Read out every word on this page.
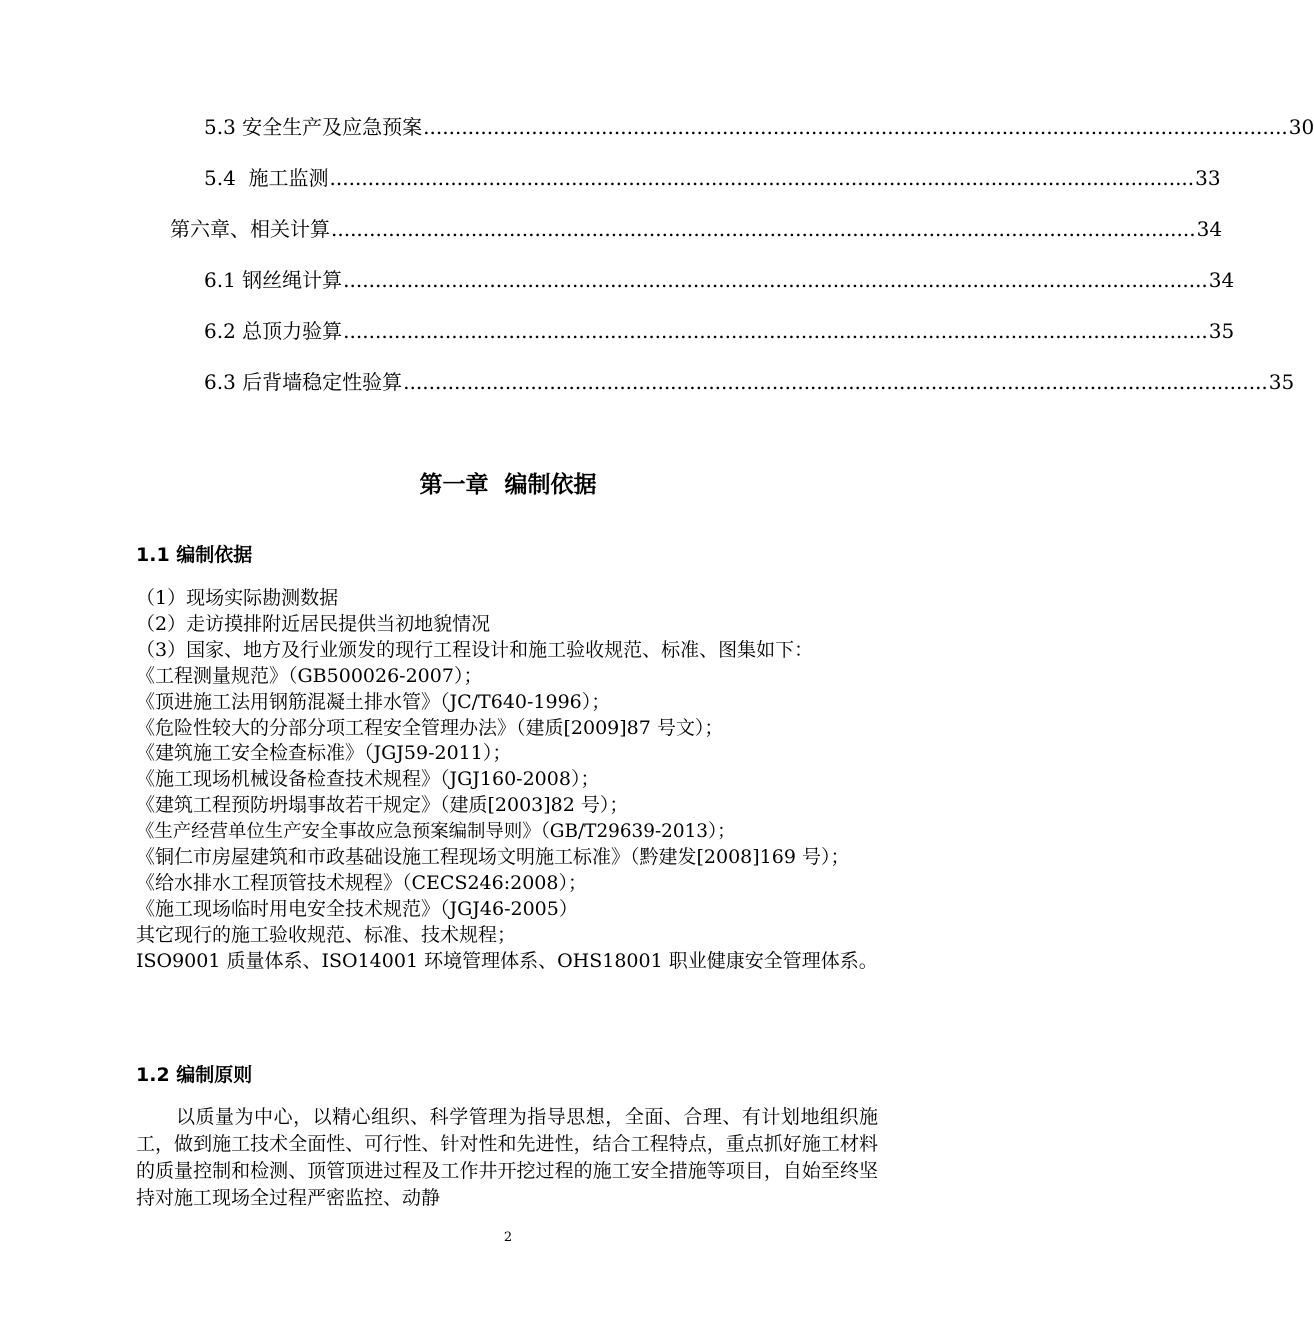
5.3 安全生产及应急预案 ........................................................................................................................................ 30
5.4  施工监测 ........................................................................................................................................ 33
第六章、相关计算 ........................................................................................................................................ 34
6.1 钢丝绳计算 ........................................................................................................................................ 34
6.2 总顶力验算 ........................................................................................................................................ 35
6.3 后背墙稳定性验算 ........................................................................................................................................ 35
第一章  编制依据
1.1 编制依据
（1）现场实际勘测数据
（2）走访摸排附近居民提供当初地貌情况
（3）国家、地方及行业颁发的现行工程设计和施工验收规范、标准、图集如下：
《工程测量规范》（GB500026-2007）；
《顶进施工法用钢筋混凝土排水管》（JC/T640-1996）；
《危险性较大的分部分项工程安全管理办法》（建质[2009]87 号文）；
《建筑施工安全检查标准》（JGJ59-2011）；
《施工现场机械设备检查技术规程》（JGJ160-2008）；
《建筑工程预防坍塌事故若干规定》（建质[2003]82 号）；
《生产经营单位生产安全事故应急预案编制导则》（GB/T29639-2013）；
《铜仁市房屋建筑和市政基础设施工程现场文明施工标准》（黔建发[2008]169 号）；
《给水排水工程顶管技术规程》（CECS246:2008）；
《施工现场临时用电安全技术规范》（JGJ46-2005）
其它现行的施工验收规范、标准、技术规程；
ISO9001 质量体系、ISO14001 环境管理体系、OHS18001 职业健康安全管理体系。
1.2 编制原则
以质量为中心，以精心组织、科学管理为指导思想，全面、合理、有计划地组织施工，做到施工技术全面性、可行性、针对性和先进性，结合工程特点，重点抓好施工材料的质量控制和检测、顶管顶进过程及工作井开挖过程的施工安全措施等项目，自始至终坚持对施工现场全过程严密监控、动静
2
